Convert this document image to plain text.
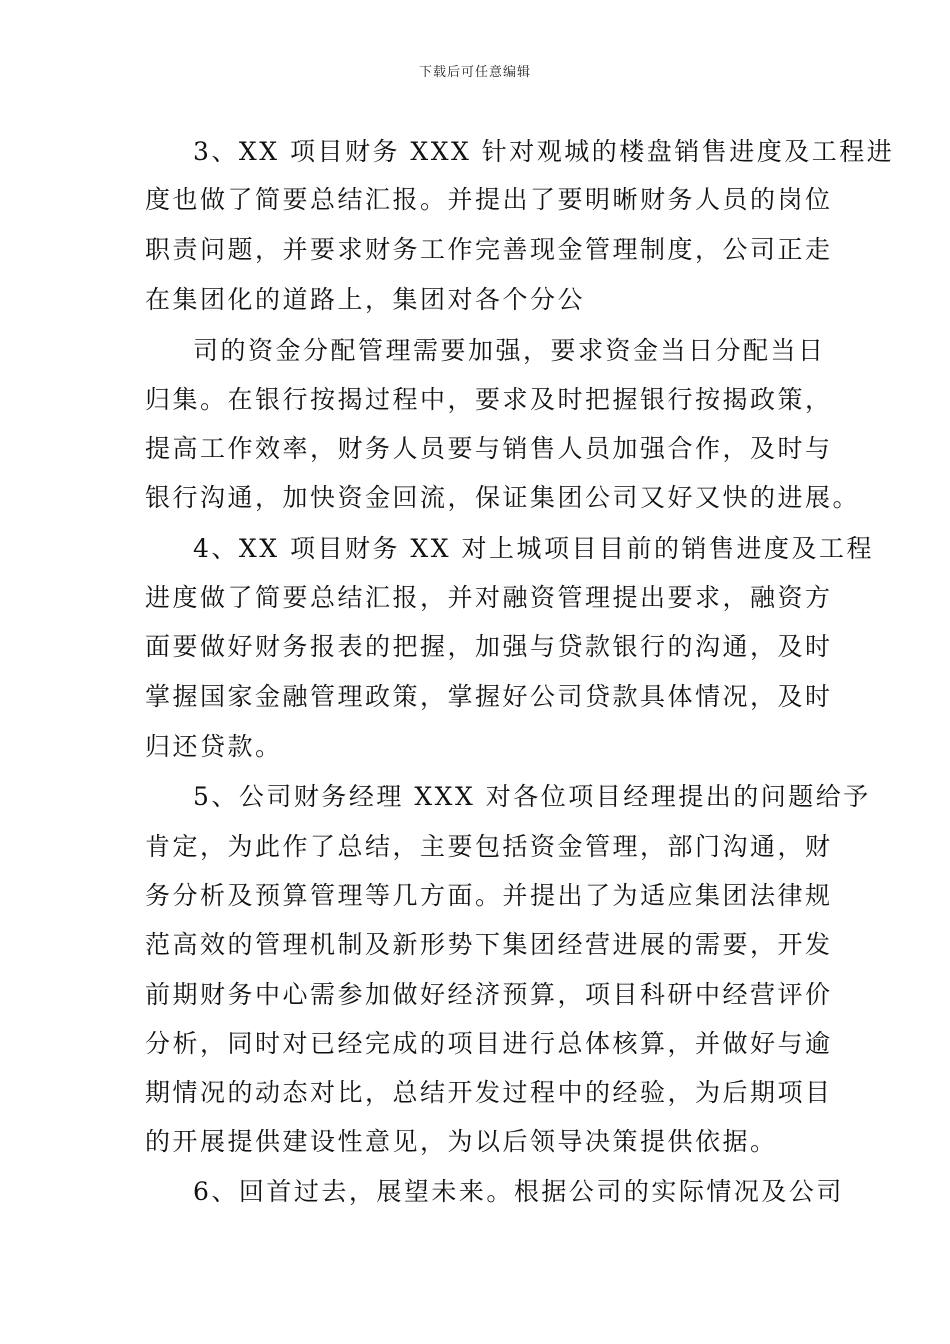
下载后可任意编辑
3、XX 项目财务 XXX 针对观城的楼盘销售进度及工程进
度也做了简要总结汇报。并提出了要明晰财务人员的岗位
职责问题，并要求财务工作完善现金管理制度，公司正走
在集团化的道路上，集团对各个分公
司的资金分配管理需要加强，要求资金当日分配当日
归集。在银行按揭过程中，要求及时把握银行按揭政策，
提高工作效率，财务人员要与销售人员加强合作，及时与
银行沟通，加快资金回流，保证集团公司又好又快的进展。
4、XX 项目财务 XX 对上城项目目前的销售进度及工程
进度做了简要总结汇报，并对融资管理提出要求，融资方
面要做好财务报表的把握，加强与贷款银行的沟通，及时
掌握国家金融管理政策，掌握好公司贷款具体情况，及时
归还贷款。
5、公司财务经理 XXX 对各位项目经理提出的问题给予
肯定，为此作了总结，主要包括资金管理，部门沟通，财
务分析及预算管理等几方面。并提出了为适应集团法律规
范高效的管理机制及新形势下集团经营进展的需要，开发
前期财务中心需参加做好经济预算，项目科研中经营评价
分析，同时对已经完成的项目进行总体核算，并做好与逾
期情况的动态对比，总结开发过程中的经验，为后期项目
的开展提供建设性意见，为以后领导决策提供依据。
6、回首过去，展望未来。根据公司的实际情况及公司
